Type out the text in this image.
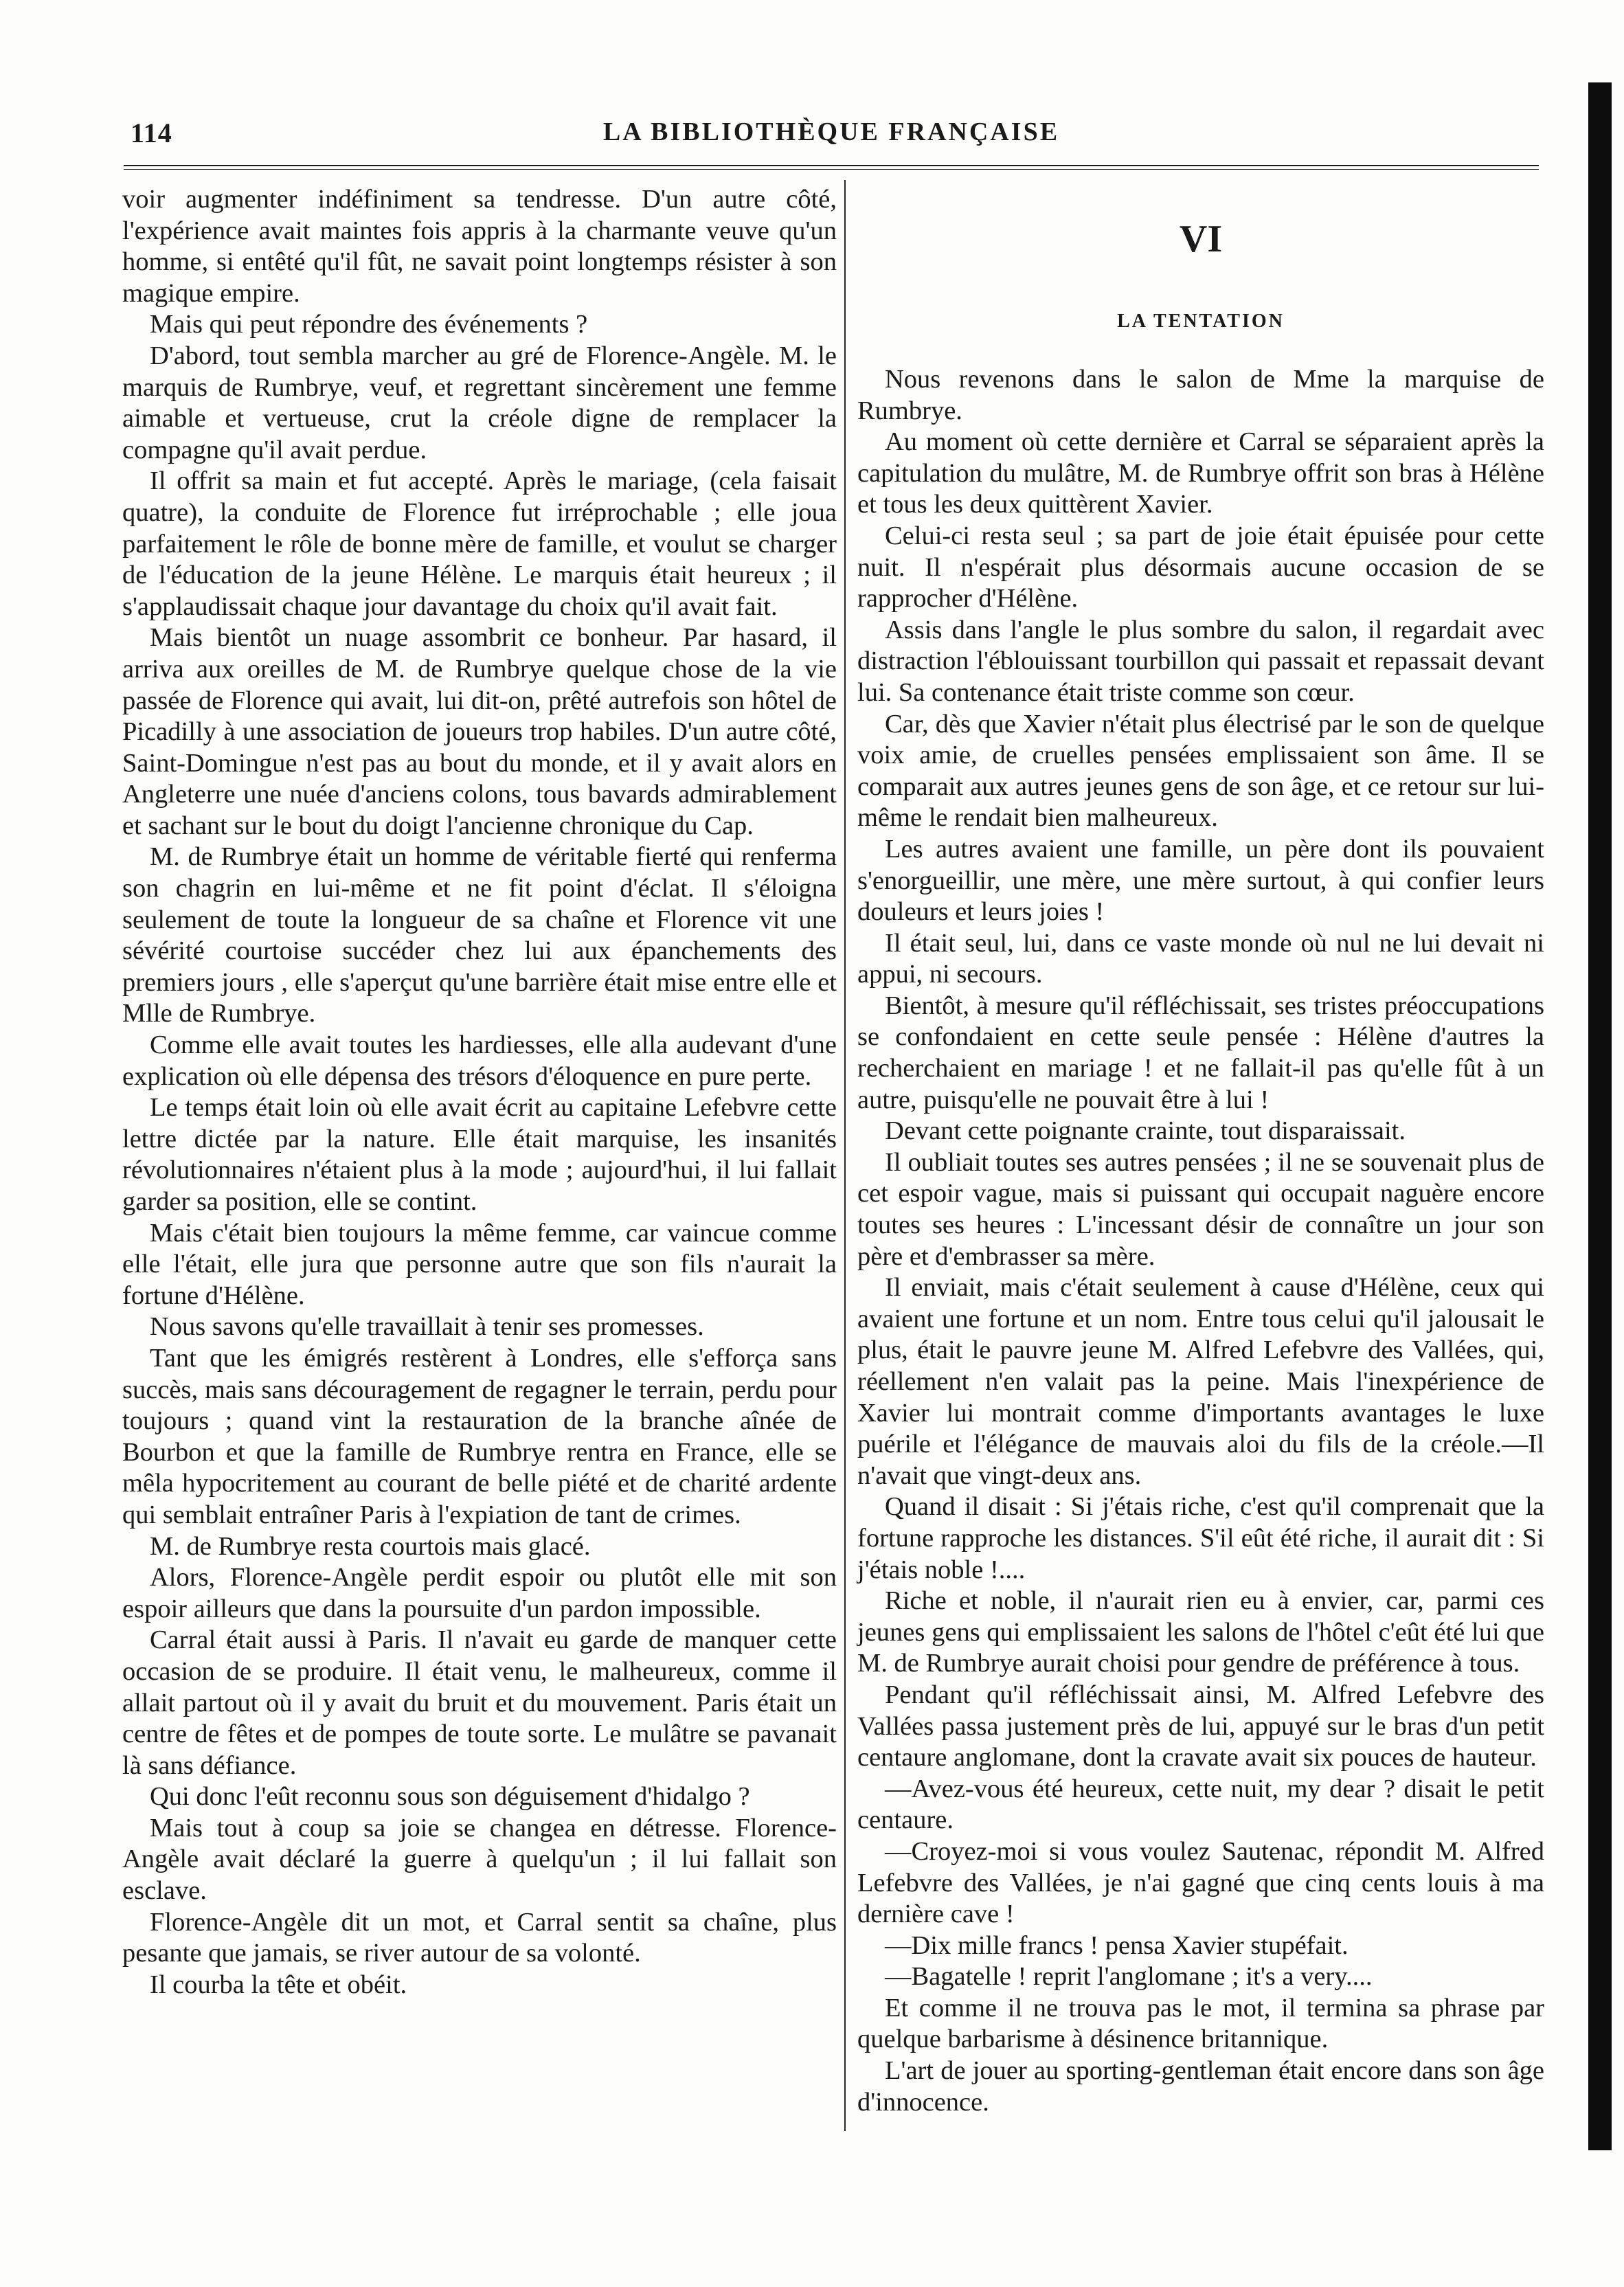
114	LA BIBLIOTHÈQUE FRANÇAISE

voir augmenter indéfiniment sa tendresse. D'un autre côté, l'expérience avait maintes fois appris à la charmante veuve qu'un homme, si entêté qu'il fût, ne savait point longtemps résister à son magique empire.

Mais qui peut répondre des événements ?

D'abord, tout sembla marcher au gré de Florence-Angèle. M. le marquis de Rumbrye, veuf, et regrettant sincèrement une femme aimable et vertueuse, crut la créole digne de remplacer la compagne qu'il avait perdue.

Il offrit sa main et fut accepté. Après le mariage, (cela faisait quatre), la conduite de Florence fut irréprochable ; elle joua parfaitement le rôle de bonne mère de famille, et voulut se charger de l'éducation de la jeune Hélène. Le marquis était heureux ; il s'applaudissait chaque jour davantage du choix qu'il avait fait.

Mais bientôt un nuage assombrit ce bonheur. Par hasard, il arriva aux oreilles de M. de Rumbrye quelque chose de la vie passée de Florence qui avait, lui dit-on, prêté autrefois son hôtel de Picadilly à une association de joueurs trop habiles. D'un autre côté, Saint-Domingue n'est pas au bout du monde, et il y avait alors en Angleterre une nuée d'anciens colons, tous bavards admirablement et sachant sur le bout du doigt l'ancienne chronique du Cap.

M. de Rumbrye était un homme de véritable fierté qui renferma son chagrin en lui-même et ne fit point d'éclat. Il s'éloigna seulement de toute la longueur de sa chaîne et Florence vit une sévérité courtoise succéder chez lui aux épanchements des premiers jours , elle s'aperçut qu'une barrière était mise entre elle et Mlle de Rumbrye.

Comme elle avait toutes les hardiesses, elle alla audevant d'une explication où elle dépensa des trésors d'éloquence en pure perte.

Le temps était loin où elle avait écrit au capitaine Lefebvre cette lettre dictée par la nature. Elle était marquise, les insanités révolutionnaires n'étaient plus à la mode ; aujourd'hui, il lui fallait garder sa position, elle se contint.

Mais c'était bien toujours la même femme, car vaincue comme elle l'était, elle jura que personne autre que son fils n'aurait la fortune d'Hélène.

Nous savons qu'elle travaillait à tenir ses promesses.

Tant que les émigrés restèrent à Londres, elle s'efforça sans succès, mais sans découragement de regagner le terrain, perdu pour toujours ; quand vint la restauration de la branche aînée de Bourbon et que la famille de Rumbrye rentra en France, elle se mêla hypocritement au courant de belle piété et de charité ardente qui semblait entraîner Paris à l'expiation de tant de crimes.

M. de Rumbrye resta courtois mais glacé.

Alors, Florence-Angèle perdit espoir ou plutôt elle mit son espoir ailleurs que dans la poursuite d'un pardon impossible.

Carral était aussi à Paris. Il n'avait eu garde de manquer cette occasion de se produire. Il était venu, le malheureux, comme il allait partout où il y avait du bruit et du mouvement. Paris était un centre de fêtes et de pompes de toute sorte. Le mulâtre se pavanait là sans défiance.

Qui donc l'eût reconnu sous son déguisement d'hidalgo ?

Mais tout à coup sa joie se changea en détresse. Florence-Angèle avait déclaré la guerre à quelqu'un ; il lui fallait son esclave.

Florence-Angèle dit un mot, et Carral sentit sa chaîne, plus pesante que jamais, se river autour de sa volonté.

Il courba la tête et obéit.

VI
LA TENTATION

Nous revenons dans le salon de Mme la marquise de Rumbrye.

Au moment où cette dernière et Carral se séparaient après la capitulation du mulâtre, M. de Rumbrye offrit son bras à Hélène et tous les deux quittèrent Xavier.

Celui-ci resta seul ; sa part de joie était épuisée pour cette nuit. Il n'espérait plus désormais aucune occasion de se rapprocher d'Hélène.

Assis dans l'angle le plus sombre du salon, il regardait avec distraction l'éblouissant tourbillon qui passait et repassait devant lui. Sa contenance était triste comme son cœur.

Car, dès que Xavier n'était plus électrisé par le son de quelque voix amie, de cruelles pensées emplissaient son âme. Il se comparait aux autres jeunes gens de son âge, et ce retour sur lui-même le rendait bien malheureux.

Les autres avaient une famille, un père dont ils pouvaient s'enorgueillir, une mère, une mère surtout, à qui confier leurs douleurs et leurs joies !

Il était seul, lui, dans ce vaste monde où nul ne lui devait ni appui, ni secours.

Bientôt, à mesure qu'il réfléchissait, ses tristes préoccupations se confondaient en cette seule pensée : Hélène d'autres la recherchaient en mariage ! et ne fallait-il pas qu'elle fût à un autre, puisqu'elle ne pouvait être à lui !

Devant cette poignante crainte, tout disparaissait.

Il oubliait toutes ses autres pensées ; il ne se souvenait plus de cet espoir vague, mais si puissant qui occupait naguère encore toutes ses heures : L'incessant désir de connaître un jour son père et d'embrasser sa mère.

Il enviait, mais c'était seulement à cause d'Hélène, ceux qui avaient une fortune et un nom. Entre tous celui qu'il jalousait le plus, était le pauvre jeune M. Alfred Lefebvre des Vallées, qui, réellement n'en valait pas la peine. Mais l'inexpérience de Xavier lui montrait comme d'importants avantages le luxe puérile et l'élégance de mauvais aloi du fils de la créole.—Il n'avait que vingt-deux ans.

Quand il disait : Si j'étais riche, c'est qu'il comprenait que la fortune rapproche les distances. S'il eût été riche, il aurait dit : Si j'étais noble !....

Riche et noble, il n'aurait rien eu à envier, car, parmi ces jeunes gens qui emplissaient les salons de l'hôtel c'eût été lui que M. de Rumbrye aurait choisi pour gendre de préférence à tous.

Pendant qu'il réfléchissait ainsi, M. Alfred Lefebvre des Vallées passa justement près de lui, appuyé sur le bras d'un petit centaure anglomane, dont la cravate avait six pouces de hauteur.

—Avez-vous été heureux, cette nuit, my dear ? disait le petit centaure.

—Croyez-moi si vous voulez Sautenac, répondit M. Alfred Lefebvre des Vallées, je n'ai gagné que cinq cents louis à ma dernière cave !

—Dix mille francs ! pensa Xavier stupéfait.

—Bagatelle ! reprit l'anglomane ; it's a very....

Et comme il ne trouva pas le mot, il termina sa phrase par quelque barbarisme à désinence britannique.

L'art de jouer au sporting-gentleman était encore dans son âge d'innocence.
